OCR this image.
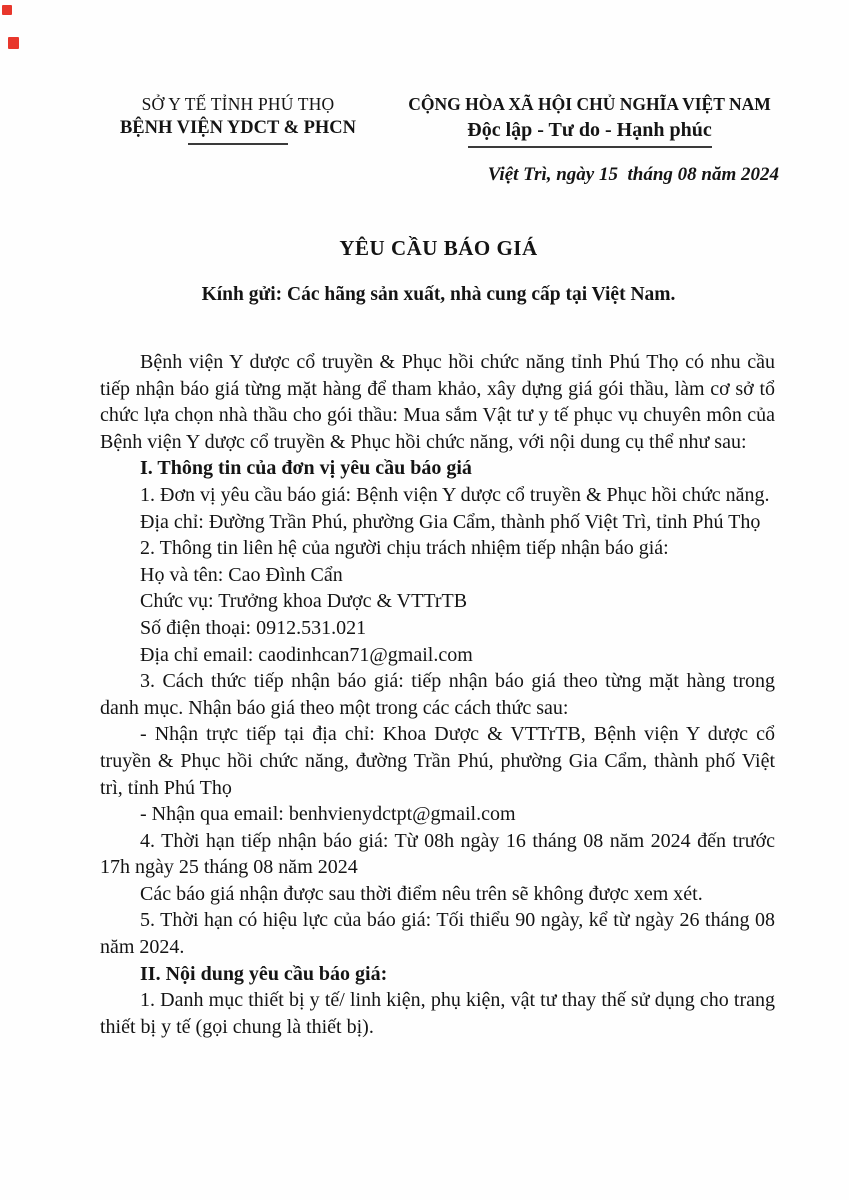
SỞ Y TẾ TỈNH PHÚ THỌ
BỆNH VIỆN YDCT & PHCN
CỘNG HÒA XÃ HỘI CHỦ NGHĨA VIỆT NAM
Độc lập - Tư do - Hạnh phúc
Việt Trì, ngày 15  tháng 08 năm 2024
YÊU CẦU BÁO GIÁ
Kính gửi: Các hãng sản xuất, nhà cung cấp tại Việt Nam.

Bệnh viện Y dược cổ truyền & Phục hồi chức năng tỉnh Phú Thọ có nhu cầu tiếp nhận báo giá từng mặt hàng để tham khảo, xây dựng giá gói thầu, làm cơ sở tổ chức lựa chọn nhà thầu cho gói thầu: Mua sắm Vật tư y tế phục vụ chuyên môn của Bệnh viện Y dược cổ truyền & Phục hồi chức năng, với nội dung cụ thể như sau:

I. Thông tin của đơn vị yêu cầu báo giá

1. Đơn vị yêu cầu báo giá: Bệnh viện Y dược cổ truyền & Phục hồi chức năng.

Địa chỉ: Đường Trần Phú, phường Gia Cẩm, thành phố Việt Trì, tỉnh Phú Thọ

2. Thông tin liên hệ của người chịu trách nhiệm tiếp nhận báo giá:

Họ và tên: Cao Đình Cẩn

Chức vụ: Trưởng khoa Dược & VTTrTB

Số điện thoại: 0912.531.021

Địa chỉ email: caodinhcan71@gmail.com

3. Cách thức tiếp nhận báo giá: tiếp nhận báo giá theo từng mặt hàng trong danh mục. Nhận báo giá theo một trong các cách thức sau:

- Nhận trực tiếp tại địa chỉ: Khoa Dược & VTTrTB, Bệnh viện Y dược cổ truyền & Phục hồi chức năng, đường Trần Phú, phường Gia Cẩm, thành phố Việt trì, tỉnh Phú Thọ

- Nhận qua email: benhvienydctpt@gmail.com

4. Thời hạn tiếp nhận báo giá: Từ 08h ngày 16 tháng 08 năm 2024 đến trước 17h ngày 25 tháng 08 năm 2024

Các báo giá nhận được sau thời điểm nêu trên sẽ không được xem xét.

5. Thời hạn có hiệu lực của báo giá: Tối thiểu 90 ngày, kể từ ngày 26 tháng 08 năm 2024.

II. Nội dung yêu cầu báo giá:

1. Danh mục thiết bị y tế/ linh kiện, phụ kiện, vật tư thay thế sử dụng cho trang thiết bị y tế (gọi chung là thiết bị).
